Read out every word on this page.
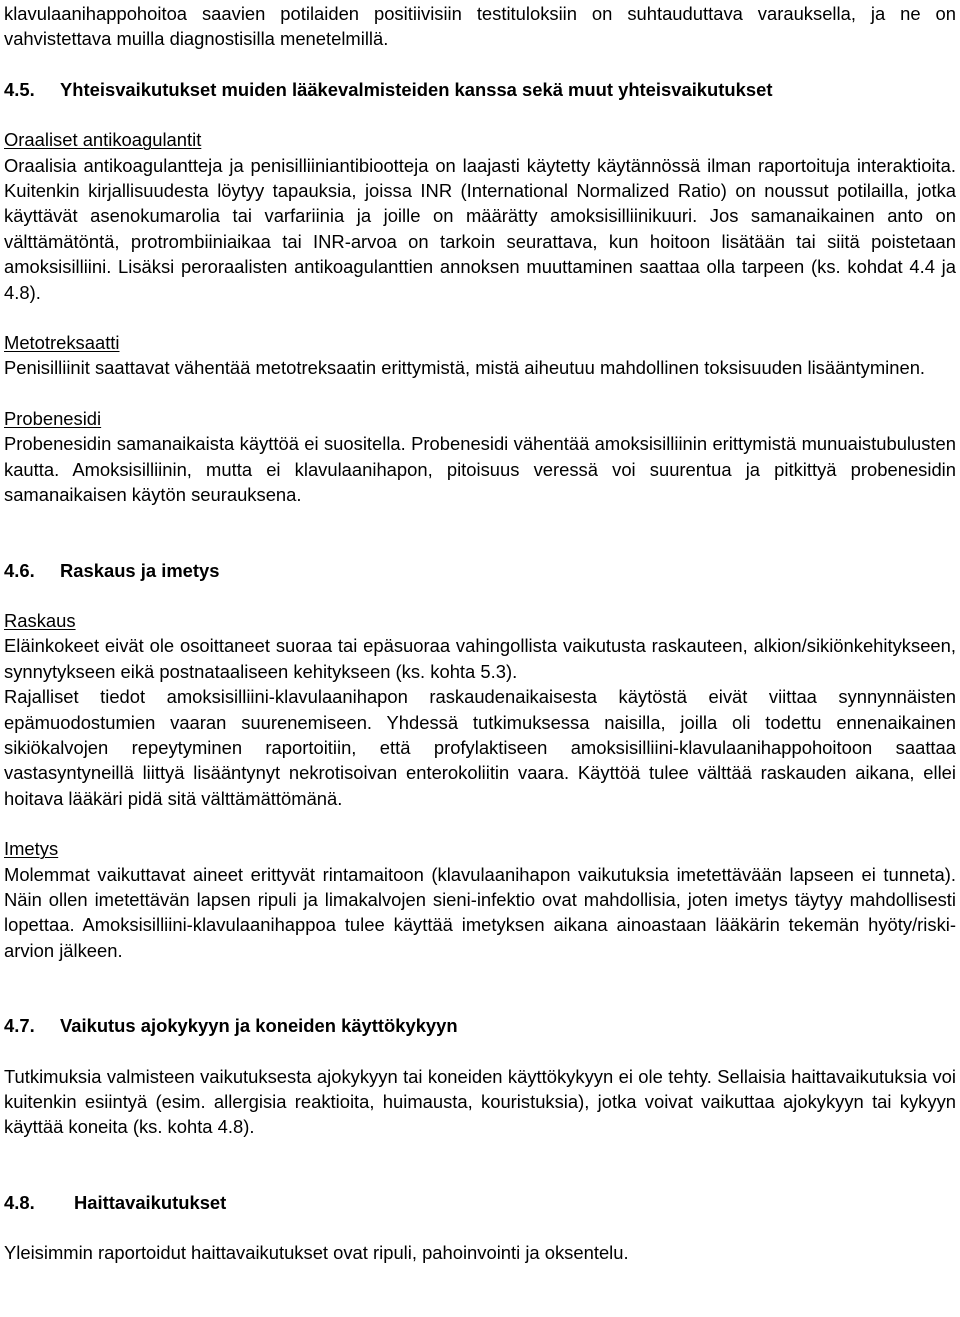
klavulaanihappohoitoa saavien potilaiden positiivisiin testituloksiin on suhtauduttava varauksella, ja ne on vahvistettava muilla diagnostisilla menetelmillä.

4.5.	Yhteisvaikutukset muiden lääkevalmisteiden kanssa sekä muut yhteisvaikutukset

Oraaliset antikoagulantit

Oraalisia antikoagulantteja ja penisilliiniantibiootteja on laajasti käytetty käytännössä ilman raportoituja interaktioita. Kuitenkin kirjallisuudesta löytyy tapauksia, joissa INR (International Normalized Ratio) on noussut potilailla, jotka käyttävät asenokumarolia tai varfariinia ja joille on määrätty amoksisilliinikuuri. Jos samanaikainen anto on välttämätöntä, protrombiiniaikaa tai INR-arvoa on tarkoin seurattava, kun hoitoon lisätään tai siitä poistetaan amoksisilliini. Lisäksi peroraalisten antikoagulanttien annoksen muuttaminen saattaa olla tarpeen (ks. kohdat 4.4 ja 4.8).

Metotreksaatti

Penisilliinit saattavat vähentää metotreksaatin erittymistä, mistä aiheutuu mahdollinen toksisuuden lisääntyminen.

Probenesidi

Probenesidin samanaikaista käyttöä ei suositella. Probenesidi vähentää amoksisilliinin erittymistä munuaistubulusten kautta. Amoksisilliinin, mutta ei klavulaanihapon, pitoisuus veressä voi suurentua ja pitkittyä probenesidin samanaikaisen käytön seurauksena.

4.6.	Raskaus ja imetys

Raskaus

Eläinkokeet eivät ole osoittaneet suoraa tai epäsuoraa vahingollista vaikutusta raskauteen, alkion/sikiönkehitykseen, synnytykseen eikä postnataaliseen kehitykseen (ks. kohta 5.3).

Rajalliset tiedot amoksisilliini-klavulaanihapon raskaudenaikaisesta käytöstä eivät viittaa synnynnäisten epämuodostumien vaaran suurenemiseen. Yhdessä tutkimuksessa naisilla, joilla oli todettu ennenaikainen sikiökalvojen repeytyminen raportoitiin, että profylaktiseen amoksisilliini-klavulaanihappohoitoon saattaa vastasyntyneillä liittyä lisääntynyt nekrotisoivan enterokoliitin vaara. Käyttöä tulee välttää raskauden aikana, ellei hoitava lääkäri pidä sitä välttämättömänä.

Imetys

Molemmat vaikuttavat aineet erittyvät rintamaitoon (klavulaanihapon vaikutuksia imetettävään lapseen ei tunneta). Näin ollen imetettävän lapsen ripuli ja limakalvojen sieni-infektio ovat mahdollisia, joten imetys täytyy mahdollisesti lopettaa. Amoksisilliini-klavulaanihappoa tulee käyttää imetyksen aikana ainoastaan lääkärin tekemän hyöty/riski-arvion jälkeen.

4.7.	Vaikutus ajokykyyn ja koneiden käyttökykyyn

Tutkimuksia valmisteen vaikutuksesta ajokykyyn tai koneiden käyttökykyyn ei ole tehty. Sellaisia haittavaikutuksia voi kuitenkin esiintyä (esim. allergisia reaktioita, huimausta, kouristuksia), jotka voivat vaikuttaa ajokykyyn tai kykyyn käyttää koneita (ks. kohta 4.8).

4.8.	Haittavaikutukset

Yleisimmin raportoidut haittavaikutukset ovat ripuli, pahoinvointi ja oksentelu.
